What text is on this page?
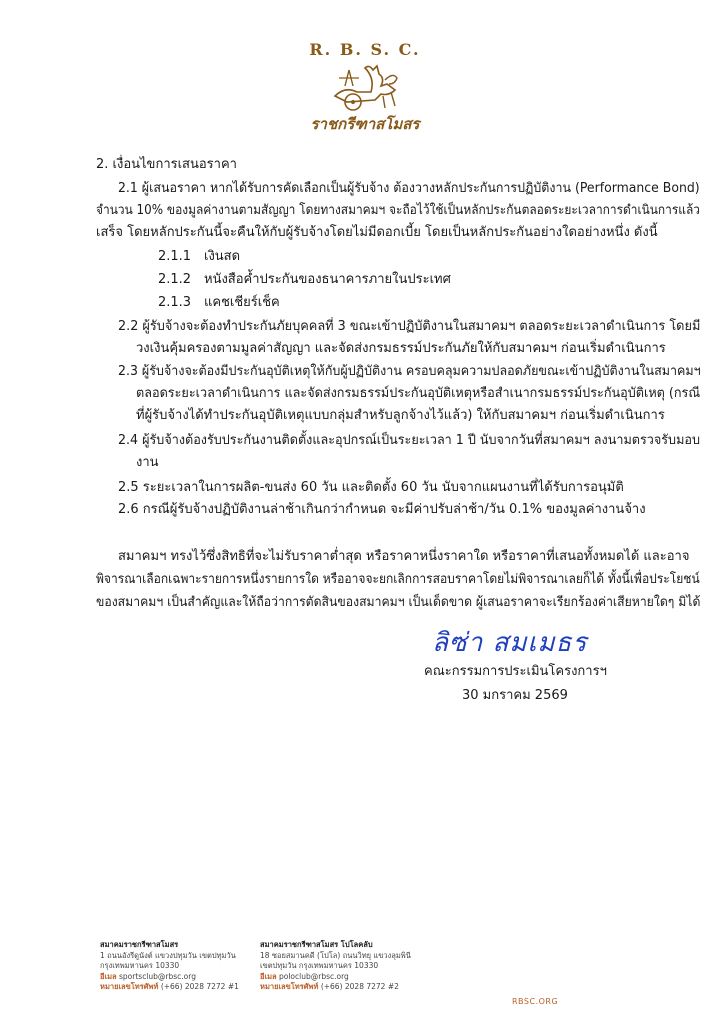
R. B. S. C.
ราชกรีฑาสโมสร
2. เงื่อนไขการเสนอราคา
2.1 ผู้เสนอราคา หากได้รับการคัดเลือกเป็นผู้รับจ้าง ต้องวางหลักประกันการปฏิบัติงาน (Performance Bond)
จำนวน 10% ของมูลค่างานตามสัญญา โดยทางสมาคมฯ จะถือไว้ใช้เป็นหลักประกันตลอดระยะเวลาการดำเนินการแล้ว
เสร็จ โดยหลักประกันนี้จะคืนให้กับผู้รับจ้างโดยไม่มีดอกเบี้ย โดยเป็นหลักประกันอย่างใดอย่างหนึ่ง ดังนี้
2.1.1 เงินสด
2.1.2 หนังสือค้ำประกันของธนาคารภายในประเทศ
2.1.3 แคชเชียร์เช็ค
2.2 ผู้รับจ้างจะต้องทำประกันภัยบุคคลที่ 3 ขณะเข้าปฏิบัติงานในสมาคมฯ ตลอดระยะเวลาดำเนินการ โดยมี
วงเงินคุ้มครองตามมูลค่าสัญญา และจัดส่งกรมธรรม์ประกันภัยให้กับสมาคมฯ ก่อนเริ่มดำเนินการ
2.3 ผู้รับจ้างจะต้องมีประกันอุบัติเหตุให้กับผู้ปฏิบัติงาน ครอบคลุมความปลอดภัยขณะเข้าปฏิบัติงานในสมาคมฯ
ตลอดระยะเวลาดำเนินการ และจัดส่งกรมธรรม์ประกันอุบัติเหตุหรือสำเนากรมธรรม์ประกันอุบัติเหตุ (กรณี
ที่ผู้รับจ้างได้ทำประกันอุบัติเหตุแบบกลุ่มสำหรับลูกจ้างไว้แล้ว) ให้กับสมาคมฯ ก่อนเริ่มดำเนินการ
2.4 ผู้รับจ้างต้องรับประกันงานติดตั้งและอุปกรณ์เป็นระยะเวลา 1 ปี นับจากวันที่สมาคมฯ ลงนามตรวจรับมอบ
งาน
2.5 ระยะเวลาในการผลิต-ขนส่ง 60 วัน และติดตั้ง 60 วัน นับจากแผนงานที่ได้รับการอนุมัติ
2.6 กรณีผู้รับจ้างปฏิบัติงานล่าช้าเกินกว่ากำหนด จะมีค่าปรับล่าช้า/วัน 0.1% ของมูลค่างานจ้าง
สมาคมฯ ทรงไว้ซึ่งสิทธิที่จะไม่รับราคาต่ำสุด หรือราคาหนึ่งราคาใด หรือราคาที่เสนอทั้งหมดได้ และอาจ
พิจารณาเลือกเฉพาะรายการหนึ่งรายการใด หรืออาจจะยกเลิกการสอบราคาโดยไม่พิจารณาเลยก็ได้ ทั้งนี้เพื่อประโยชน์
ของสมาคมฯ เป็นสำคัญและให้ถือว่าการตัดสินของสมาคมฯ เป็นเด็ดขาด ผู้เสนอราคาจะเรียกร้องค่าเสียหายใดๆ มิได้
ลิซ่า สมเมธร
คณะกรรมการประเมินโครงการฯ
30 มกราคม 2569
สมาคมราชกรีฑาสโมสร
1 ถนนอังรีดูนังต์ แขวงปทุมวัน เขตปทุมวัน
กรุงเทพมหานคร 10330
อีเมล sportsclub@rbsc.org
หมายเลขโทรศัพท์ (+66) 2028 7272 #1
สมาคมราชกรีฑาสโมสร โปโลคลับ
18 ซอยสมานคดี (โปโล) ถนนวิทยุ แขวงลุมพินี
เขตปทุมวัน กรุงเทพมหานคร 10330
อีเมล poloclub@rbsc.org
หมายเลขโทรศัพท์ (+66) 2028 7272 #2
RBSC.ORG
